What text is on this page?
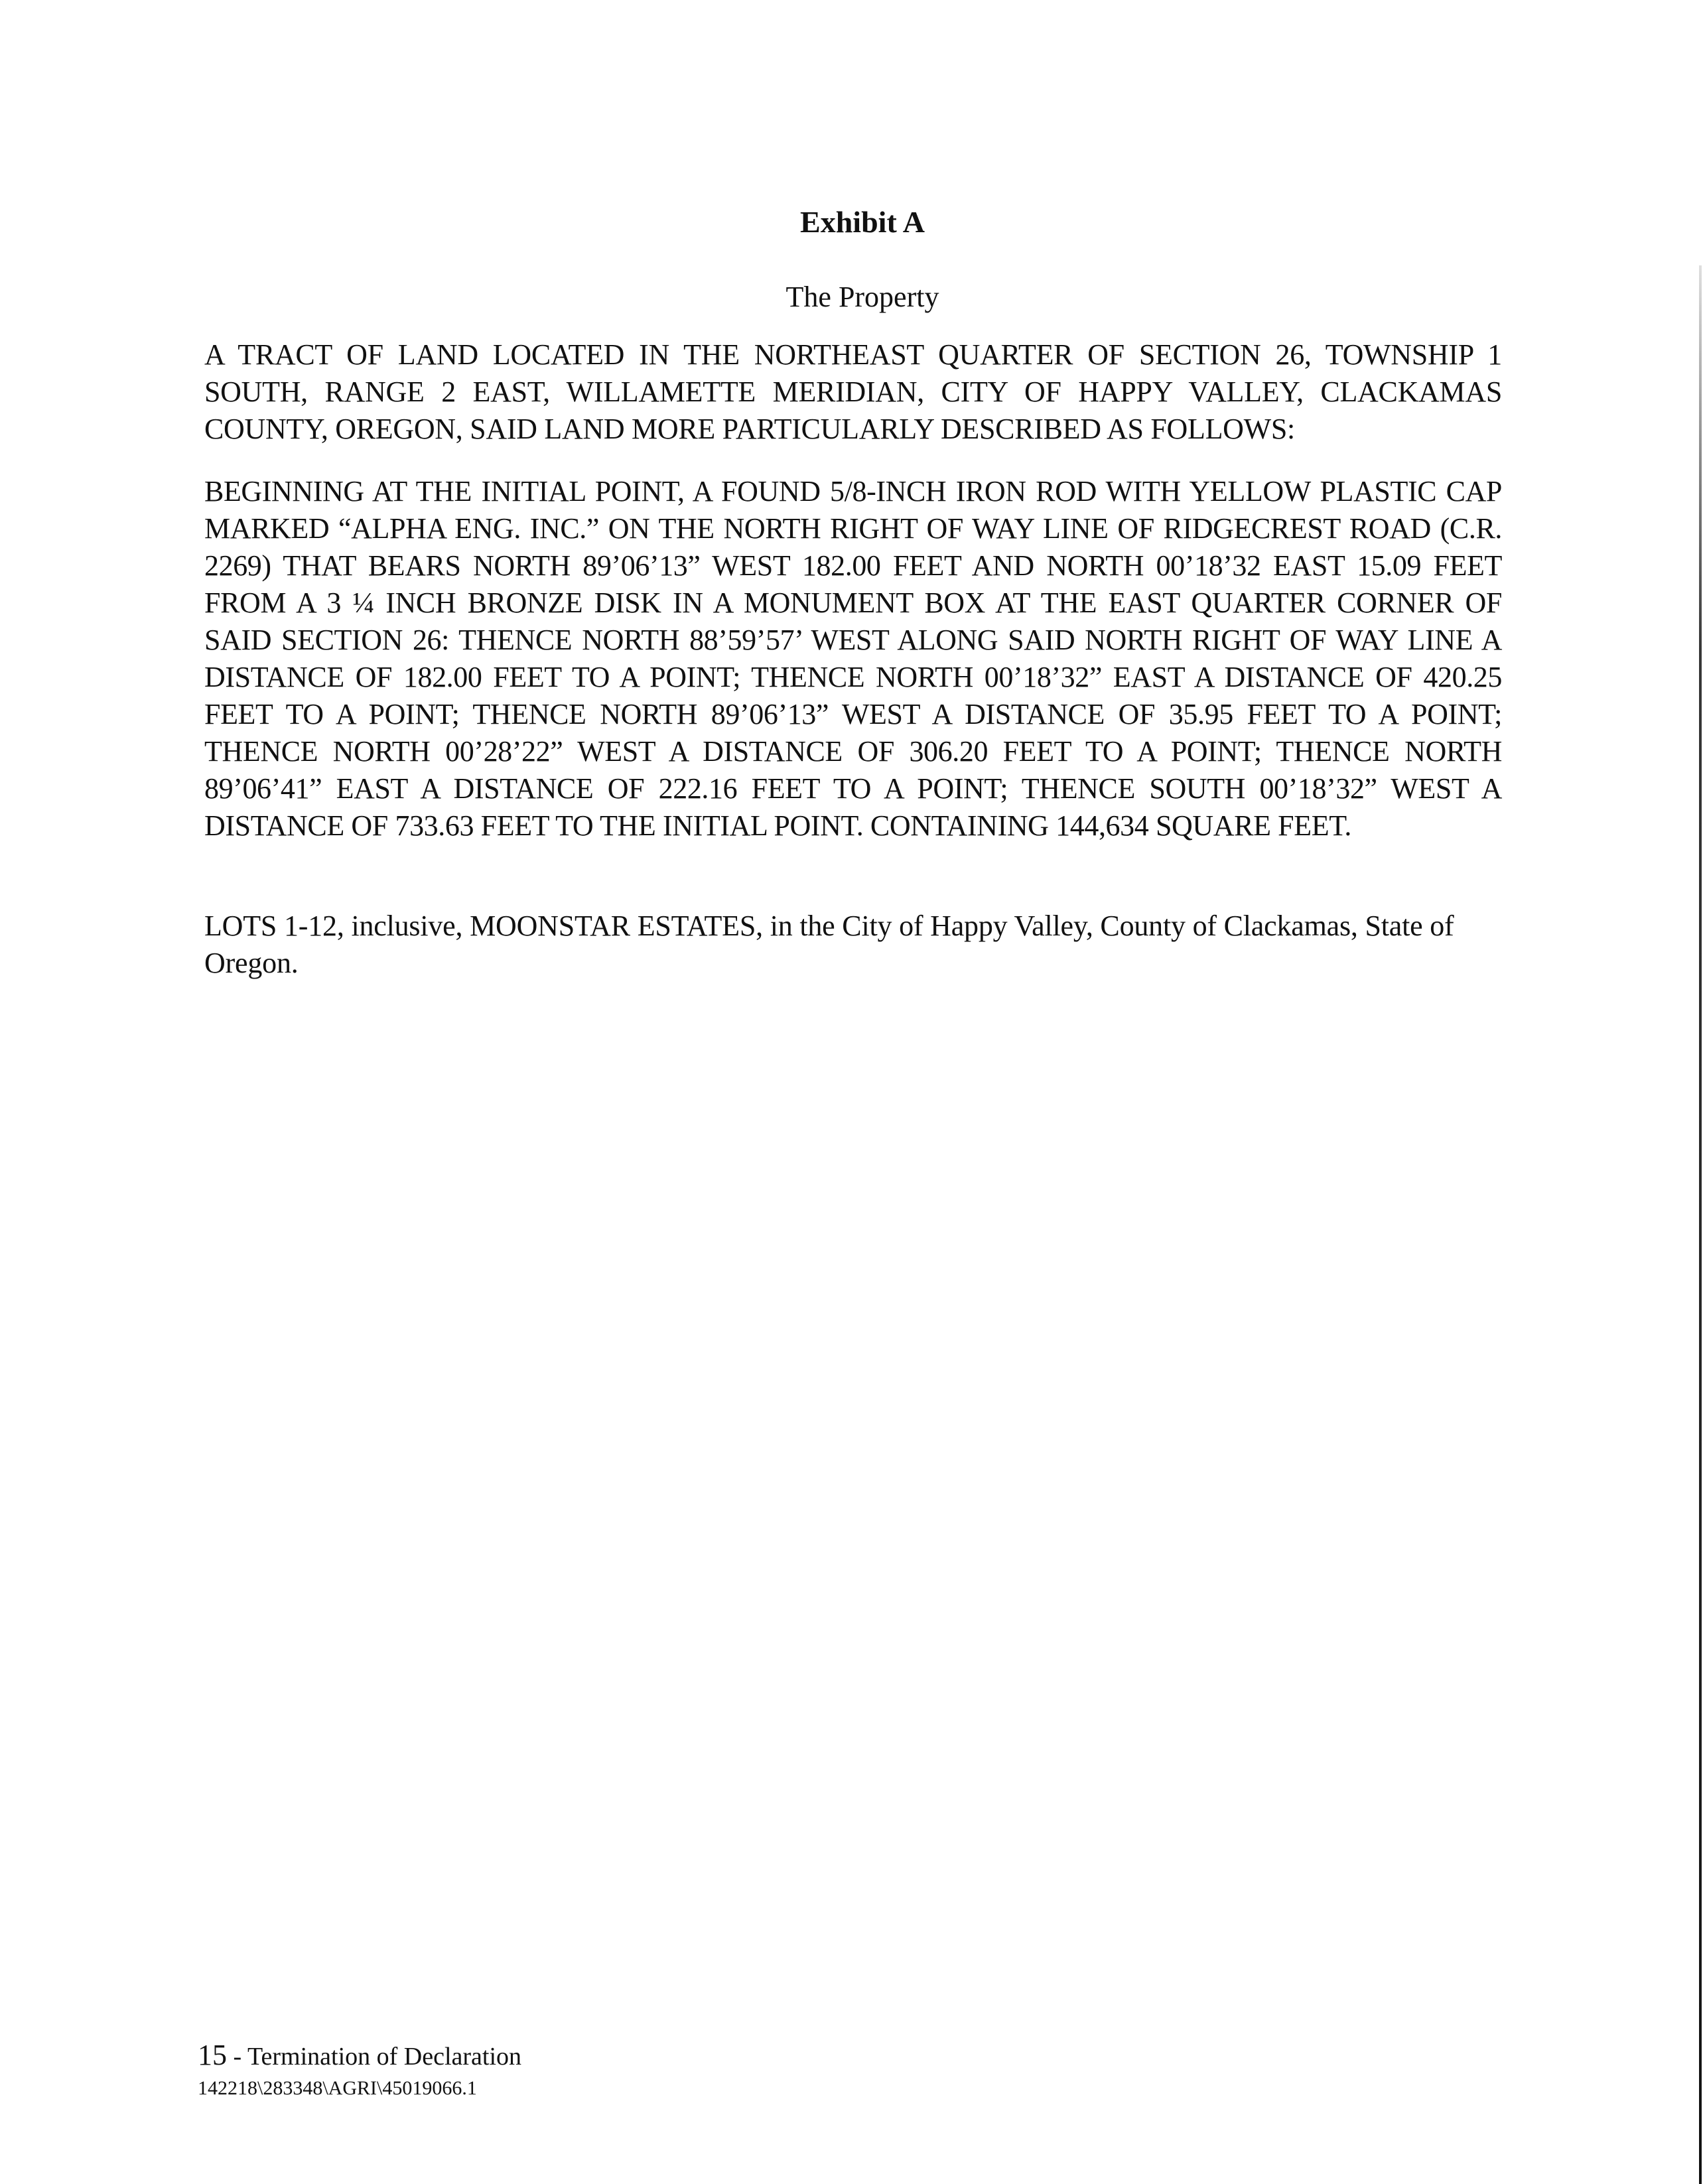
Exhibit A
The Property

A TRACT OF LAND LOCATED IN THE NORTHEAST QUARTER OF SECTION 26, TOWNSHIP 1 SOUTH, RANGE 2 EAST, WILLAMETTE MERIDIAN, CITY OF HAPPY VALLEY, CLACKAMAS COUNTY, OREGON, SAID LAND MORE PARTICULARLY DESCRIBED AS FOLLOWS:

BEGINNING AT THE INITIAL POINT, A FOUND 5/8-INCH IRON ROD WITH YELLOW PLASTIC CAP MARKED “ALPHA ENG. INC.” ON THE NORTH RIGHT OF WAY LINE OF RIDGECREST ROAD (C.R. 2269) THAT BEARS NORTH 89’06’13” WEST 182.00 FEET AND NORTH 00’18’32 EAST 15.09 FEET FROM A 3 ¼ INCH BRONZE DISK IN A MONUMENT BOX AT THE EAST QUARTER CORNER OF SAID SECTION 26: THENCE NORTH 88’59’57’ WEST ALONG SAID NORTH RIGHT OF WAY LINE A DISTANCE OF 182.00 FEET TO A POINT; THENCE NORTH 00’18’32” EAST A DISTANCE OF 420.25 FEET TO A POINT; THENCE NORTH 89’06’13” WEST A DISTANCE OF 35.95 FEET TO A POINT; THENCE NORTH 00’28’22” WEST A DISTANCE OF 306.20 FEET TO A POINT; THENCE NORTH 89’06’41” EAST A DISTANCE OF 222.16 FEET TO A POINT; THENCE SOUTH 00’18’32” WEST A DISTANCE OF 733.63 FEET TO THE INITIAL POINT. CONTAINING 144,634 SQUARE FEET.

LOTS 1-12, inclusive, MOONSTAR ESTATES, in the City of Happy Valley, County of Clackamas, State of Oregon.

15 - Termination of Declaration
142218\283348\AGRI\45019066.1
